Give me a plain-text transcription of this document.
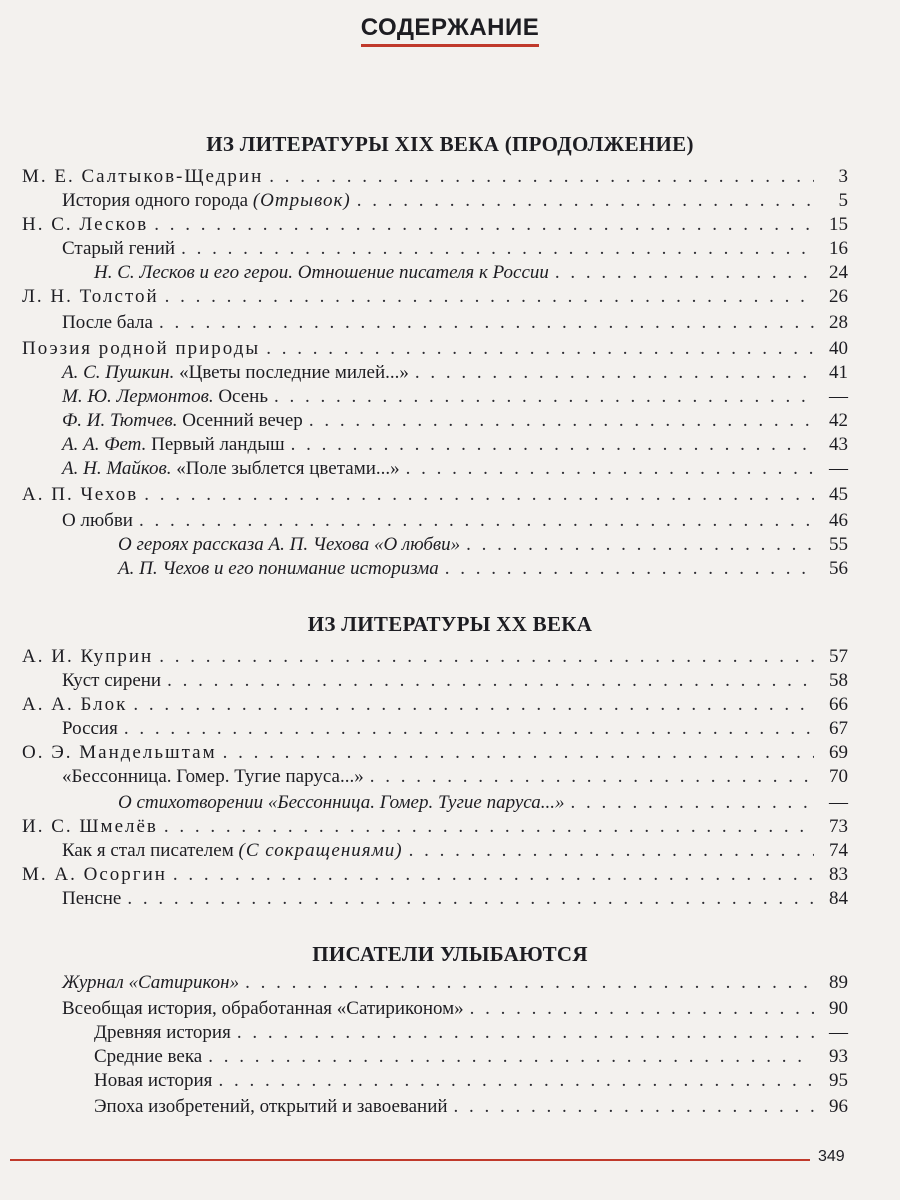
СОДЕРЖАНИЕ
ИЗ ЛИТЕРАТУРЫ XIX ВЕКА (ПРОДОЛЖЕНИЕ)
М. Е. Салтыков-Щедрин . . .	3
История одного города (Отрывок) . . .	5
Н. С. Лесков . . .	15
Старый гений . . .	16
Н. С. Лесков и его герои. Отношение писателя к России . . .	24
Л. Н. Толстой . . .	26
После бала . . .	28
Поэзия родной природы . . .	40
А. С. Пушкин. «Цветы последние милей...» . . .	41
М. Ю. Лермонтов. Осень . . .	—
Ф. И. Тютчев. Осенний вечер . . .	42
А. А. Фет. Первый ландыш . . .	43
А. Н. Майков. «Поле зыблется цветами...» . . .	—
А. П. Чехов . . .	45
О любви . . .	46
О героях рассказа А. П. Чехова «О любви» . . .	55
А. П. Чехов и его понимание историзма . . .	56
ИЗ ЛИТЕРАТУРЫ XX ВЕКА
А. И. Куприн . . .	57
Куст сирени . . .	58
А. А. Блок . . .	66
Россия . . .	67
О. Э. Мандельштам . . .	69
«Бессонница. Гомер. Тугие паруса...» . . .	70
О стихотворении «Бессонница. Гомер. Тугие паруса...» . . .	—
И. С. Шмелёв . . .	73
Как я стал писателем (С сокращениями) . . .	74
М. А. Осоргин . . .	83
Пенсне . . .	84
ПИСАТЕЛИ УЛЫБАЮТСЯ
Журнал «Сатирикон» . . .	89
Всеобщая история, обработанная «Сатириконом» . . .	90
Древняя история . . .	—
Средние века . . .	93
Новая история . . .	95
Эпоха изобретений, открытий и завоеваний . . .	96
349
